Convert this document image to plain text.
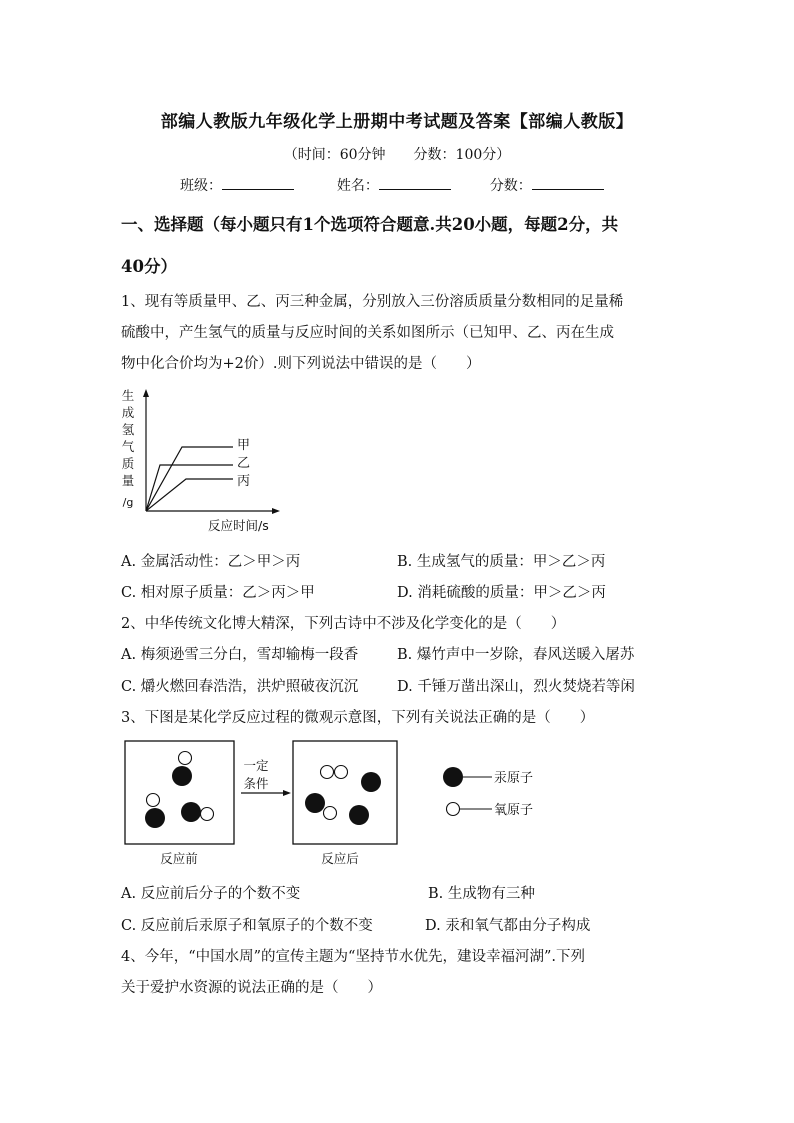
部编人教版九年级化学上册期中考试题及答案【部编人教版】
（时间：60分钟　　分数：100分）
班级：	姓名：	分数：
一、选择题（每小题只有1个选项符合题意.共20小题，每题2分，共
40分）
1、现有等质量甲、乙、丙三种金属，分别放入三份溶质质量分数相同的足量稀
硫酸中，产生氢气的质量与反应时间的关系如图所示（已知甲、乙、丙在生成
物中化合价均为+2价）.则下列说法中错误的是（　　）
生
成
氢
气
质
量
/g
甲
乙
丙
反应时间/s
A. 金属活动性：乙＞甲＞丙	B. 生成氢气的质量：甲＞乙＞丙
C. 相对原子质量：乙＞丙＞甲	D. 消耗硫酸的质量：甲＞乙＞丙
2、中华传统文化博大精深，下列古诗中不涉及化学变化的是（　　）
A. 梅须逊雪三分白，雪却输梅一段香	B. 爆竹声中一岁除，春风送暖入屠苏
C. 爝火燃回春浩浩，洪炉照破夜沉沉	D. 千锤万凿出深山，烈火焚烧若等闲
3、下图是某化学反应过程的微观示意图，下列有关说法正确的是（　　）
反应前
一定
条件
反应后
汞原子
氧原子
A. 反应前后分子的个数不变	B. 生成物有三种
C. 反应前后汞原子和氧原子的个数不变	D. 汞和氧气都由分子构成
4、今年，“中国水周”的宣传主题为“坚持节水优先，建设幸福河湖”.下列
关于爱护水资源的说法正确的是（　　）
